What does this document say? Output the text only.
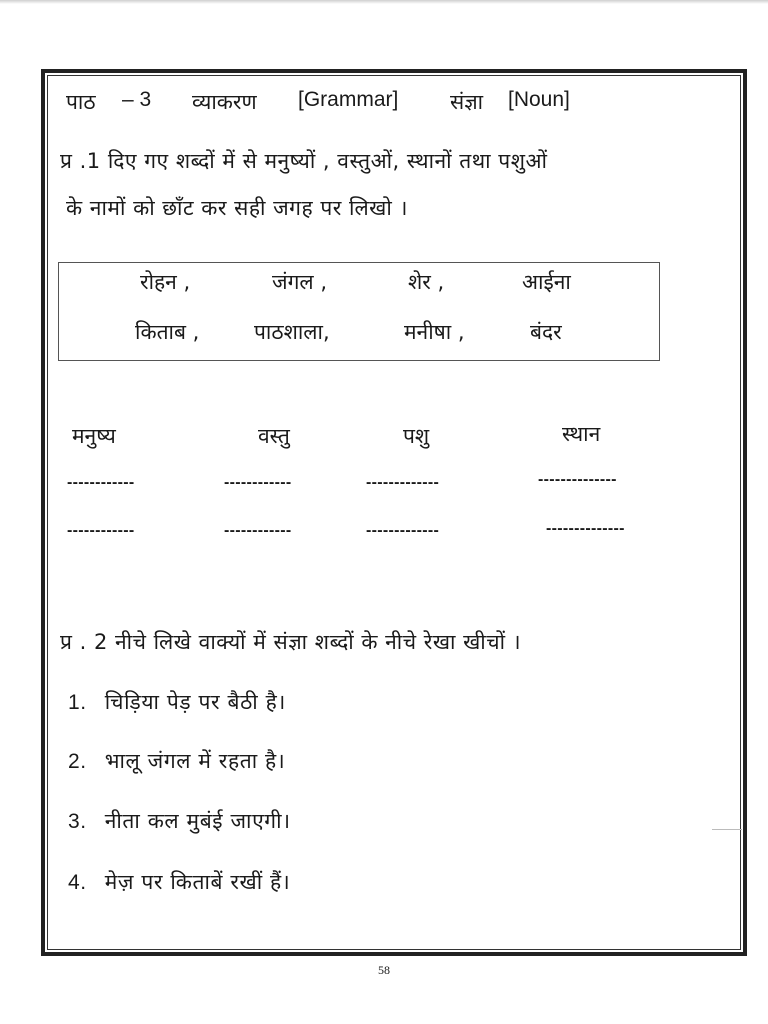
पाठ – 3 व्याकरण [Grammar] संज्ञा [Noun]
प्र .1 दिए गए शब्दों में से मनुष्यों , वस्तुओं, स्थानों तथा पशुओं
के नामों को छाँट कर सही जगह पर लिखो ।
रोहन ,	जंगल ,	शेर ,	आईना
किताब ,	पाठशाला,	मनीषा ,	बंदर
मनुष्य	वस्तु	पशु	स्थान
------------	------------	-------------	--------------
------------	------------	-------------	--------------
प्र . 2 नीचे लिखे वाक्यों में संज्ञा शब्दों के नीचे रेखा खीचों ।
1. चिड़िया पेड़ पर बैठी है।
2. भालू जंगल में रहता है।
3. नीता कल मुबंई जाएगी।
4. मेज़ पर किताबें रखीं हैं।
58
